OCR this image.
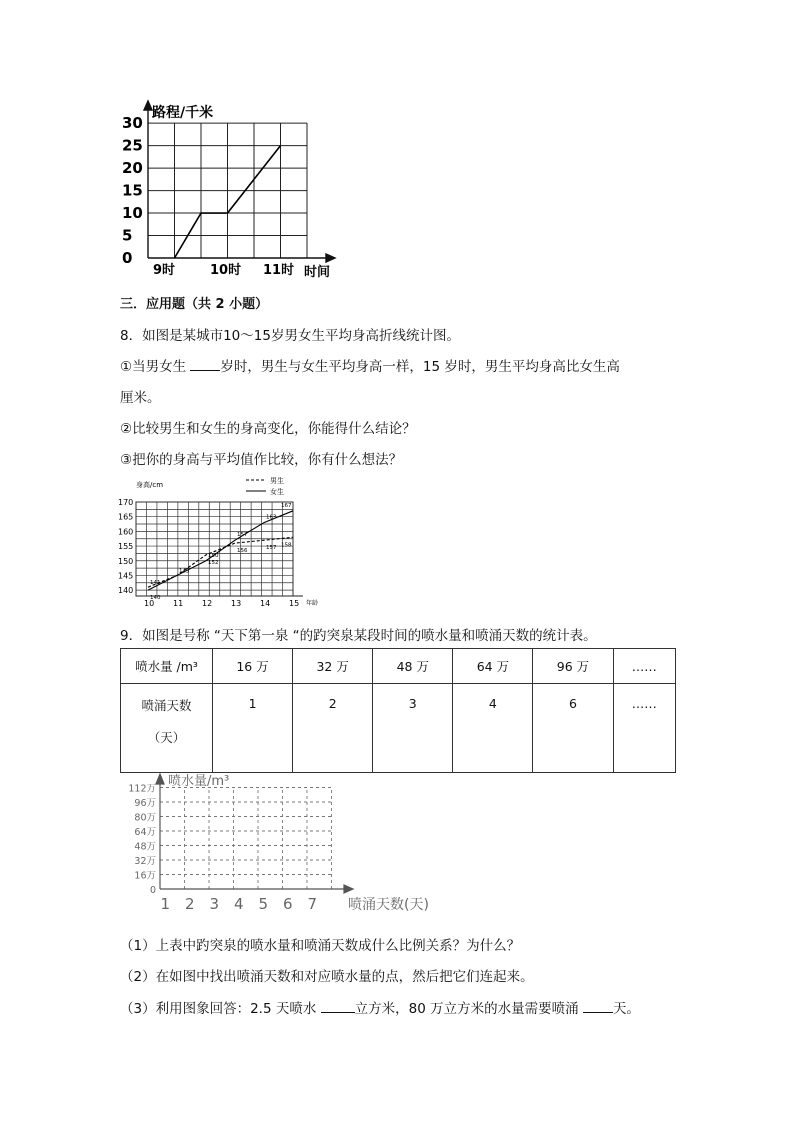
0
5
10
15
20
25
30
9时	10时 11时
路程/千米
时间
三．应用题（共 2 小题）
8．如图是某城市10～15岁男女生平均身高折线统计图。
①当男女生	岁时，男生与女生平均身高一样，15 岁时，男生平均身高比女生高
厘米。
②比较男生和女生的身高变化，你能得什么结论？
③把你的身高与平均值作比较，你有什么想法？
140
145
150
155
160
165
170
10 11 12 13 14 15
身高/cm
年龄
男生
女生
141
145
152
156	157 158
140
150
157
163
167
9．如图是号称 “天下第一泉 “的趵突泉某段时间的喷水量和喷涌天数的统计表。
喷水量 /m³	16 万	32 万	48 万	64 万	96 万	……

喷涌天数
（天）	1	2	3	4	6	……
0
16万
32万
48万
64万
80万
96万
112万
1 2 3 4 5 6 7
喷水量/m³
喷涌天数(天)
（1）上表中趵突泉的喷水量和喷涌天数成什么比例关系？为什么？
（2）在如图中找出喷涌天数和对应喷水量的点，然后把它们连起来。
（3）利用图象回答：2.5 天喷水	立方米，80 万立方米的水量需要喷涌	天。
